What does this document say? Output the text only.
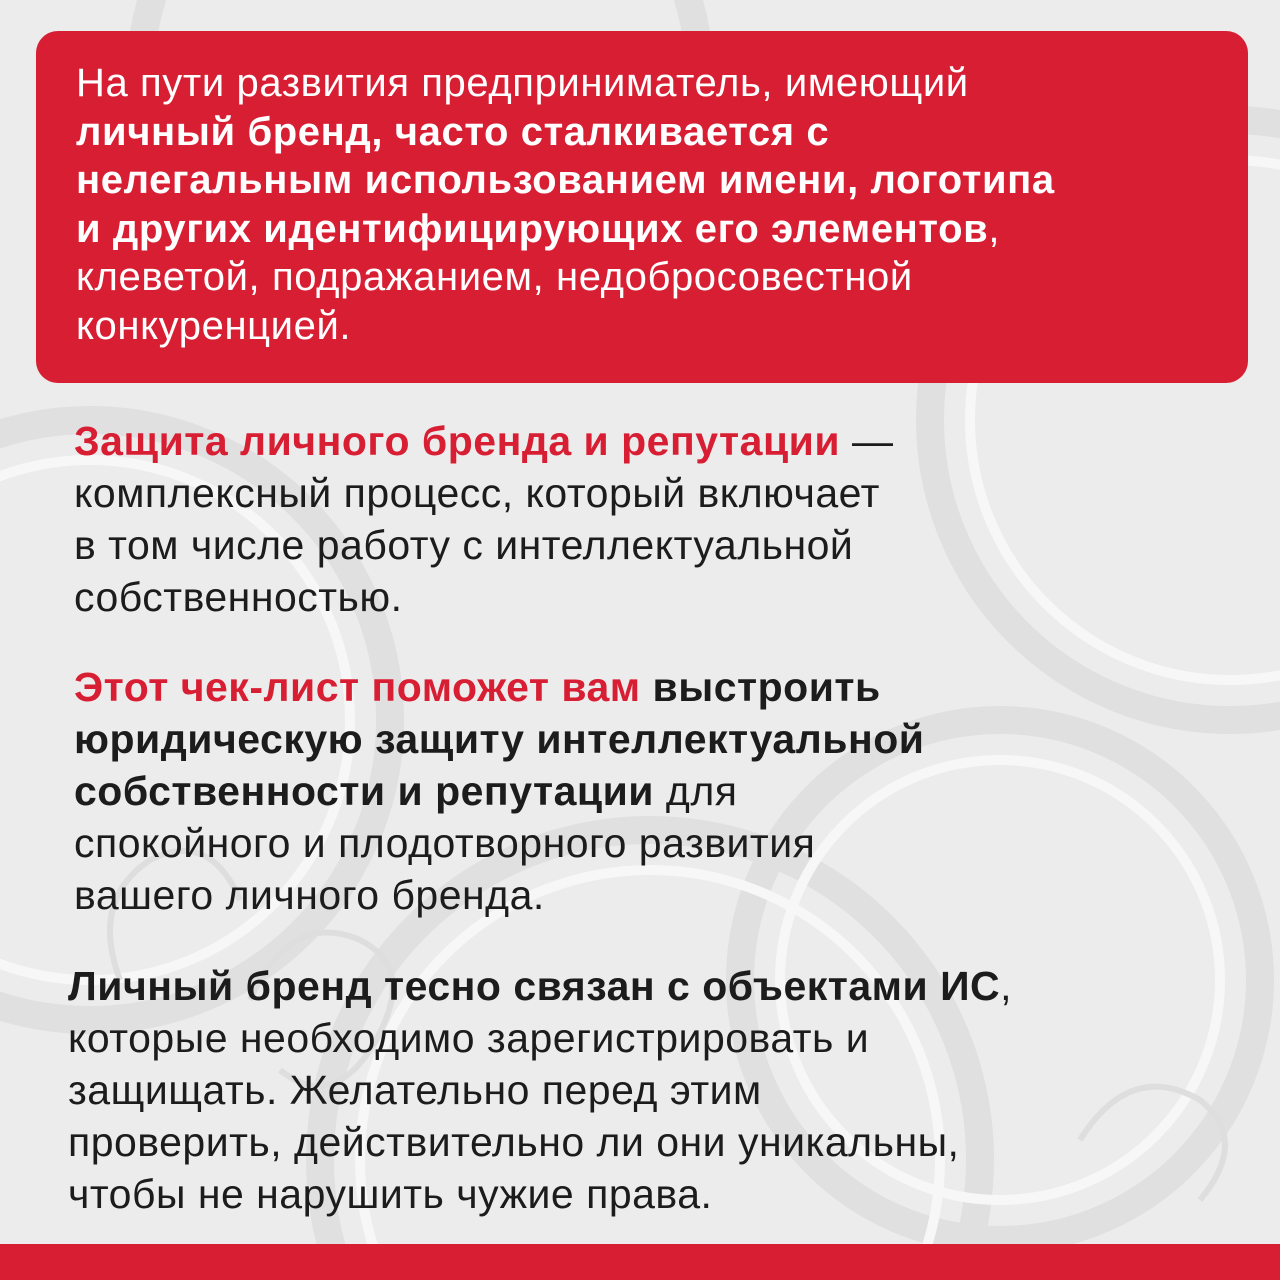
На пути развития предприниматель, имеющий
личный бренд, часто сталкивается с
нелегальным использованием имени, логотипа
и других идентифицирующих его элементов,
клеветой, подражанием, недобросовестной
конкуренцией.

Защита личного бренда и репутации —
комплексный процесс, который включает
в том числе работу с интеллектуальной
собственностью.

Этот чек-лист поможет вам выстроить
юридическую защиту интеллектуальной
собственности и репутации для
спокойного и плодотворного развития
вашего личного бренда.

Личный бренд тесно связан с объектами ИС,
которые необходимо зарегистрировать и
защищать. Желательно перед этим
проверить, действительно ли они уникальны,
чтобы не нарушить чужие права.
